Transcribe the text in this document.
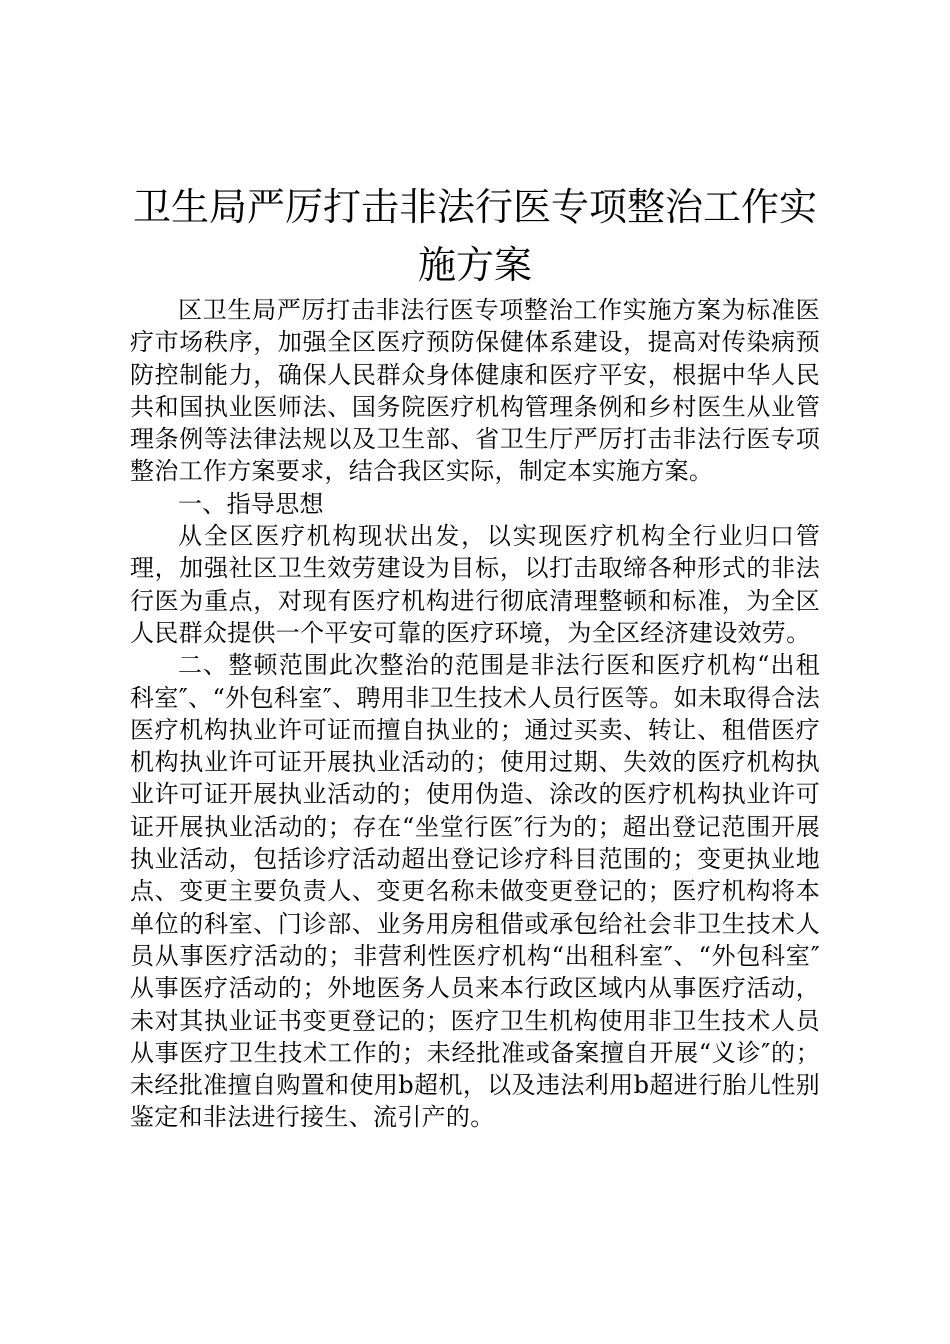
卫生局严厉打击非法行医专项整治工作实施方案

区卫生局严厉打击非法行医专项整治工作实施方案为标准医疗市场秩序，加强全区医疗预防保健体系建设，提高对传染病预防控制能力，确保人民群众身体健康和医疗平安，根据中华人民共和国执业医师法、国务院医疗机构管理条例和乡村医生从业管理条例等法律法规以及卫生部、省卫生厅严厉打击非法行医专项整治工作方案要求，结合我区实际，制定本实施方案。

一、指导思想

从全区医疗机构现状出发，以实现医疗机构全行业归口管理，加强社区卫生效劳建设为目标，以打击取缔各种形式的非法行医为重点，对现有医疗机构进行彻底清理整顿和标准，为全区人民群众提供一个平安可靠的医疗环境，为全区经济建设效劳。

二、整顿范围此次整治的范围是非法行医和医疗机构“出租科室″、“外包科室″、聘用非卫生技术人员行医等。如未取得合法医疗机构执业许可证而擅自执业的；通过买卖、转让、租借医疗机构执业许可证开展执业活动的；使用过期、失效的医疗机构执业许可证开展执业活动的；使用伪造、涂改的医疗机构执业许可证开展执业活动的；存在“坐堂行医″行为的；超出登记范围开展执业活动，包括诊疗活动超出登记诊疗科目范围的；变更执业地点、变更主要负责人、变更名称未做变更登记的；医疗机构将本单位的科室、门诊部、业务用房租借或承包给社会非卫生技术人员从事医疗活动的；非营利性医疗机构“出租科室″、“外包科室″从事医疗活动的；外地医务人员来本行政区域内从事医疗活动，未对其执业证书变更登记的；医疗卫生机构使用非卫生技术人员从事医疗卫生技术工作的；未经批准或备案擅自开展“义诊″的；未经批准擅自购置和使用b超机，以及违法利用b超进行胎儿性别鉴定和非法进行接生、流引产的。
